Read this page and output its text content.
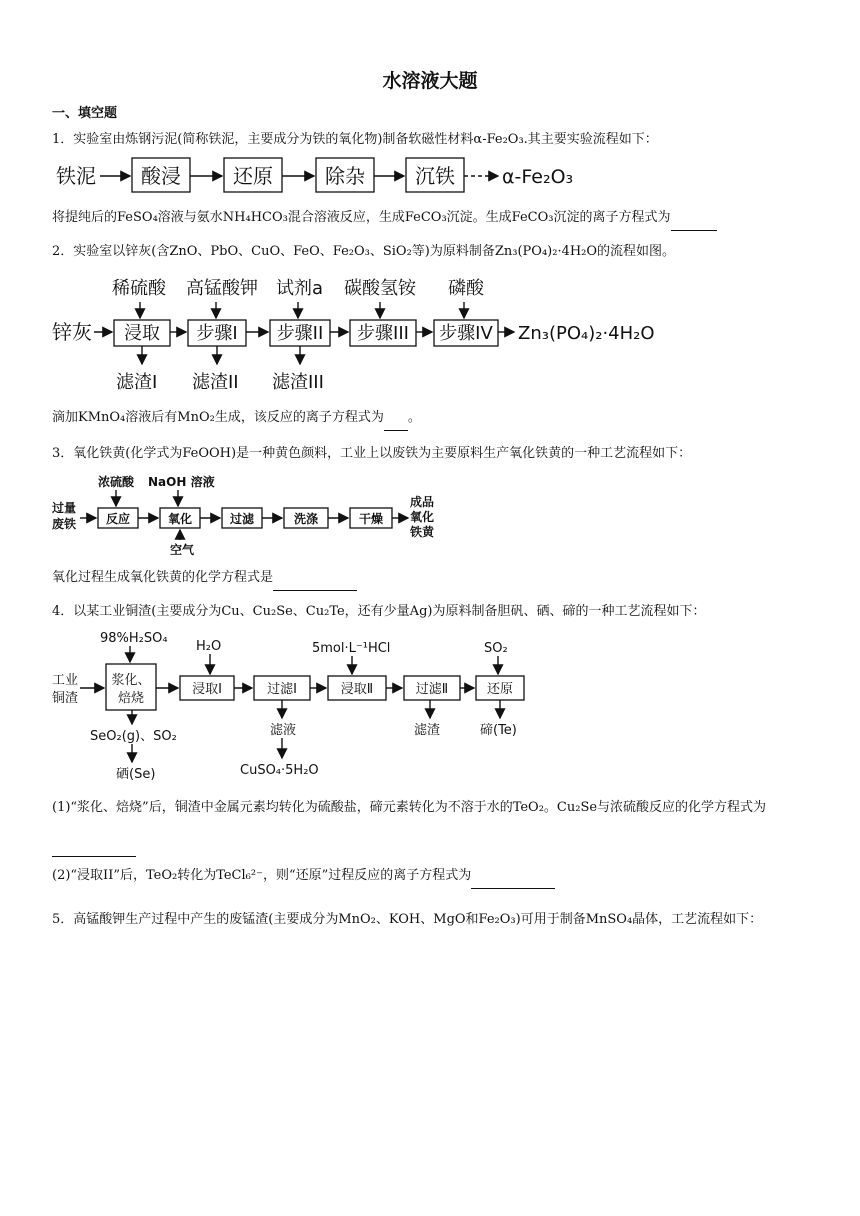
水溶液大题
一、填空题
1．实验室由炼钢污泥(简称铁泥，主要成分为铁的氧化物)制备软磁性材料α-Fe₂O₃.其主要实验流程如下：
铁泥 酸浸	还原	除杂	沉铁 α-Fe₂O₃
将提纯后的FeSO₄溶液与氨水NH₄HCO₃混合溶液反应，生成FeCO₃沉淀。生成FeCO₃沉淀的离子方程式为
2．实验室以锌灰(含ZnO、PbO、CuO、FeO、Fe₂O₃、SiO₂等)为原料制备Zn₃(PO₄)₂·4H₂O的流程如图。
稀硫酸 高锰酸钾 试剂a 碳酸氢铵 磷酸
锌灰 浸取 步骤I 步骤II 步骤III 步骤IV Zn₃(PO₄)₂·4H₂O
滤渣I 滤渣II 滤渣III
滴加KMnO₄溶液后有MnO₂生成，该反应的离子方程式为 。
3．氧化铁黄(化学式为FeOOH)是一种黄色颜料，工业上以废铁为主要原料生产氧化铁黄的一种工艺流程如下：
浓硫酸 NaOH 溶液
过量
废铁
空气
成品
氧化
铁黄
反应	氧化	过滤	洗涤	干燥
氧化过程生成氧化铁黄的化学方程式是
4．以某工业铜渣(主要成分为Cu、Cu₂Se、Cu₂Te，还有少量Ag)为原料制备胆矾、硒、碲的一种工艺流程如下：
98%H₂SO₄
H₂O	5mol·L⁻¹HCl	SO₂
工业
铜渣
SeO₂(g)、SO₂
硒(Se)
滤液
CuSO₄·5H₂O
滤渣	碲(Te)
浆化、
焙烧
浸取I	过滤I	浸取Ⅱ	过滤Ⅱ	还原
(1)“浆化、焙烧”后，铜渣中金属元素均转化为硫酸盐，碲元素转化为不溶于水的TeO₂。Cu₂Se与浓硫酸反应的化学方程式为
(2)“浸取II”后，TeO₂转化为TeCl₆²⁻，则“还原”过程反应的离子方程式为
5．高锰酸钾生产过程中产生的废锰渣(主要成分为MnO₂、KOH、MgO和Fe₂O₃)可用于制备MnSO₄晶体，工艺流程如下：
